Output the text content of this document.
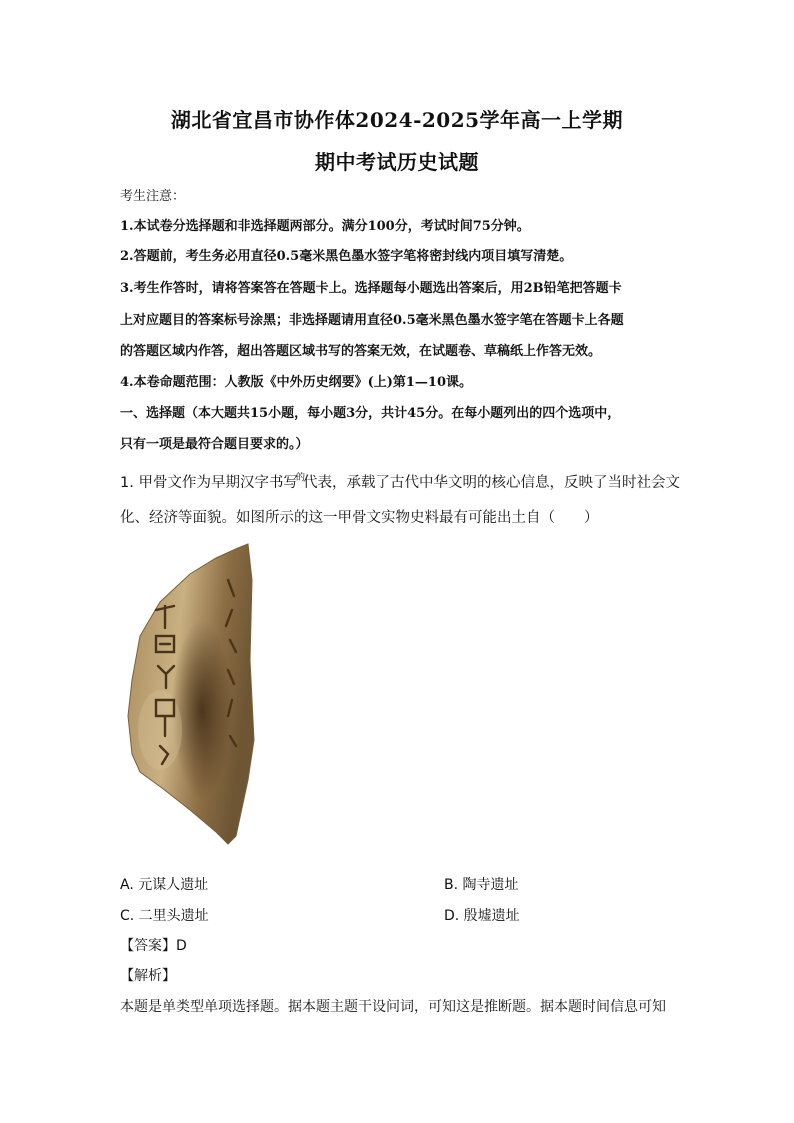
湖北省宜昌市协作体2024-2025学年高一上学期
期中考试历史试题
考生注意：
1.本试卷分选择题和非选择题两部分。满分100分，考试时间75分钟。
2.答题前，考生务必用直径0.5毫米黑色墨水签字笔将密封线内项目填写清楚。
3.考生作答时，请将答案答在答题卡上。选择题每小题选出答案后，用2B铅笔把答题卡
上对应题目的答案标号涂黑；非选择题请用直径0.5毫米黑色墨水签字笔在答题卡上各题
的答题区域内作答，超出答题区域书写的答案无效，在试题卷、草稿纸上作答无效。
4.本卷命题范围：人教版《中外历史纲要》(上)第1—10课。
一、选择题（本大题共15小题，每小题3分，共计45分。在每小题列出的四个选项中，
只有一项是最符合题目要求的。）
1. 甲骨文作为早期汉字书写$^的$代表，承载了古代中华文明的核心信息，反映了当时社会文
化、经济等面貌。如图所示的这一甲骨文实物史料最有可能出土自（　　）
A. 元谋人遗址	B. 陶寺遗址
C. 二里头遗址	D. 殷墟遗址
【答案】D
【解析】
本题是单类型单项选择题。据本题主题干设问词，可知这是推断题。据本题时间信息可知
